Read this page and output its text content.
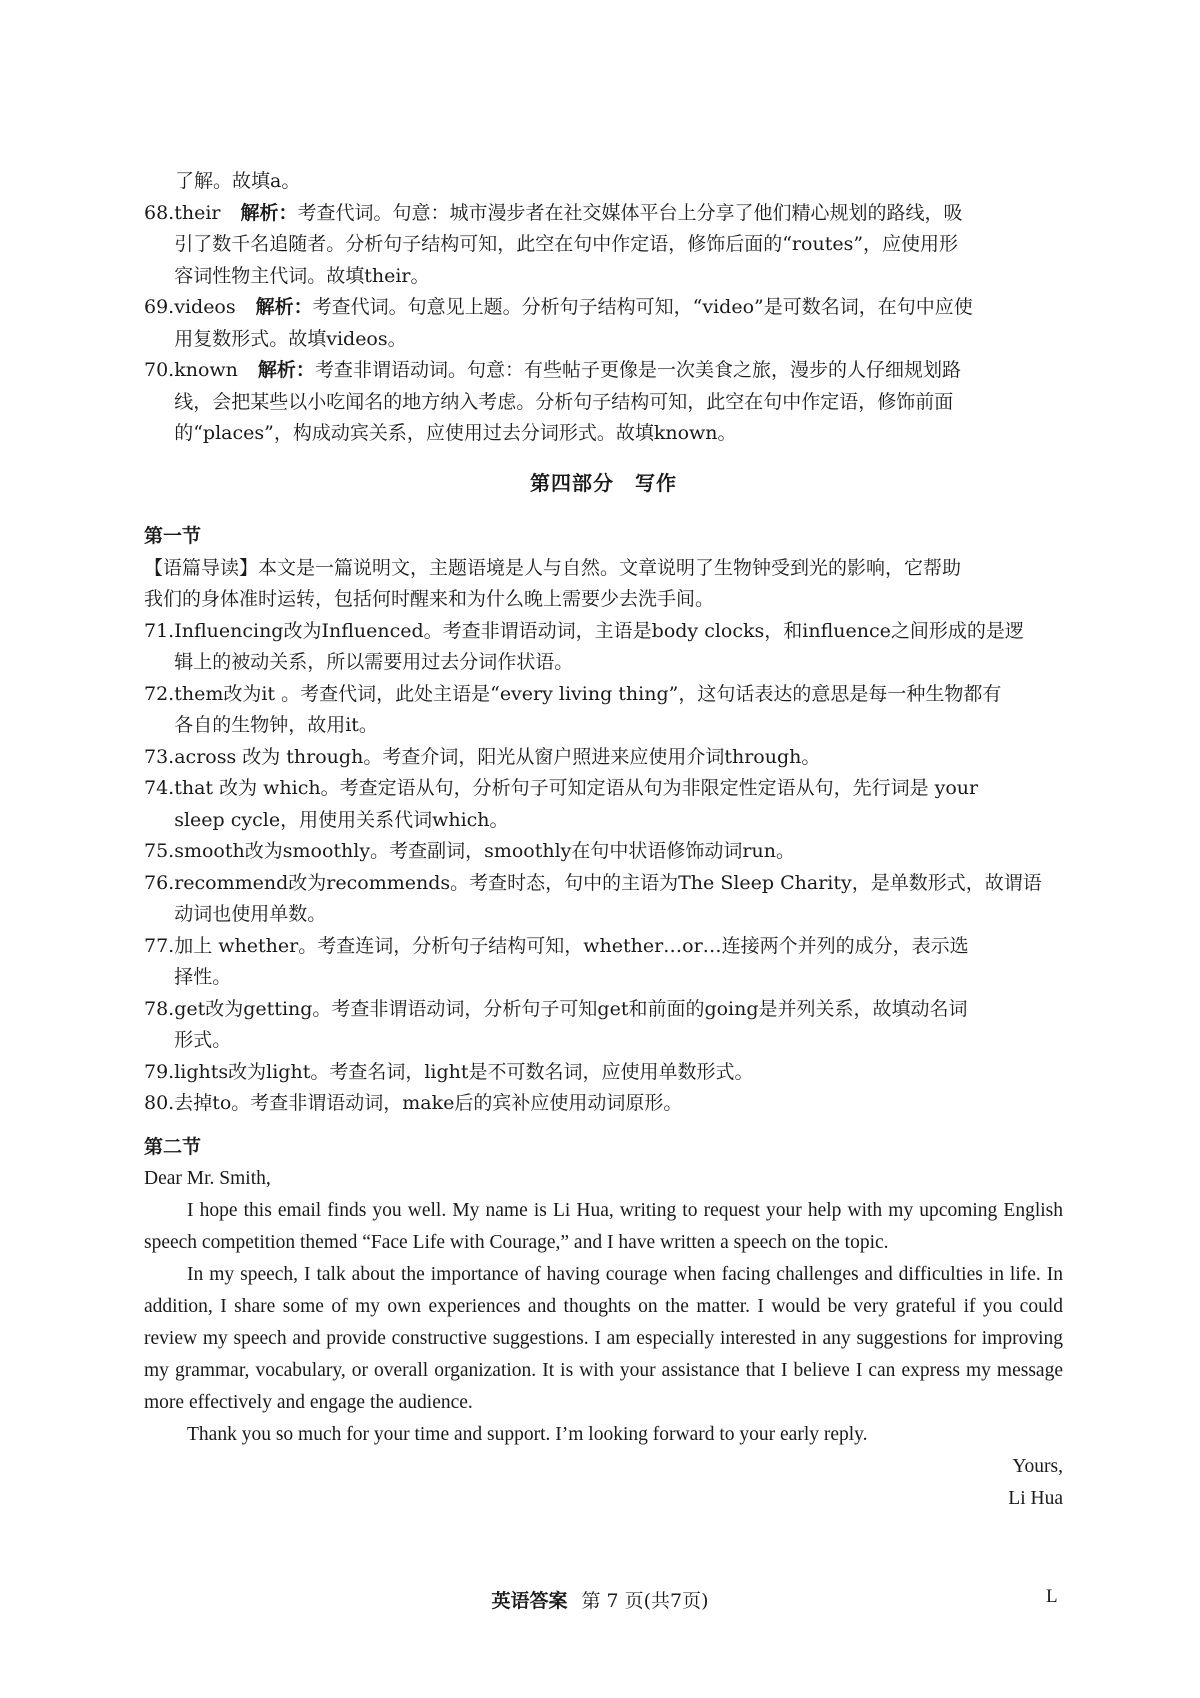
了解。故填a。
68. their 解析：考查代词。句意：城市漫步者在社交媒体平台上分享了他们精心规划的路线，吸
引了数千名追随者。分析句子结构可知，此空在句中作定语，修饰后面的“routes”，应使用形
容词性物主代词。故填their。
69. videos 解析：考查代词。句意见上题。分析句子结构可知，“video”是可数名词，在句中应使
用复数形式。故填videos。
70. known 解析：考查非谓语动词。句意：有些帖子更像是一次美食之旅，漫步的人仔细规划路
线，会把某些以小吃闻名的地方纳入考虑。分析句子结构可知，此空在句中作定语，修饰前面
的“places”，构成动宾关系，应使用过去分词形式。故填known。
第四部分　写作
第一节
【语篇导读】本文是一篇说明文，主题语境是人与自然。文章说明了生物钟受到光的影响，它帮助
我们的身体准时运转，包括何时醒来和为什么晚上需要少去洗手间。
71. Influencing改为Influenced。考查非谓语动词，主语是body clocks，和influence之间形成的是逻
辑上的被动关系，所以需要用过去分词作状语。
72. them改为it 。考查代词，此处主语是“every living thing”，这句话表达的意思是每一种生物都有
各自的生物钟，故用it。
73. across 改为 through。考查介词，阳光从窗户照进来应使用介词through。
74. that 改为 which。考查定语从句，分析句子可知定语从句为非限定性定语从句，先行词是 your
sleep cycle，用使用关系代词which。
75. smooth改为smoothly。考查副词，smoothly在句中状语修饰动词run。
76. recommend改为recommends。考查时态，句中的主语为The Sleep Charity，是单数形式，故谓语
动词也使用单数。
77. 加上 whether。考查连词，分析句子结构可知，whether…or…连接两个并列的成分，表示选
择性。
78. get改为getting。考查非谓语动词，分析句子可知get和前面的going是并列关系，故填动名词
形式。
79. lights改为light。考查名词，light是不可数名词，应使用单数形式。
80. 去掉to。考查非谓语动词，make后的宾补应使用动词原形。
第二节

Dear Mr. Smith,

I hope this email finds you well. My name is Li Hua, writing to request your help with my upcoming English speech competition themed “Face Life with Courage,” and I have written a speech on the topic.

In my speech, I talk about the importance of having courage when facing challenges and difficulties in life. In addition, I share some of my own experiences and thoughts on the matter. I would be very grateful if you could review my speech and provide constructive suggestions. I am especially interested in any suggestions for improving my grammar, vocabulary, or overall organization. It is with your assistance that I believe I can express my message more effectively and engage the audience.

Thank you so much for your time and support. I’m looking forward to your early reply.

Yours,

Li Hua

英语答案 第 7 页(共7页)	L
